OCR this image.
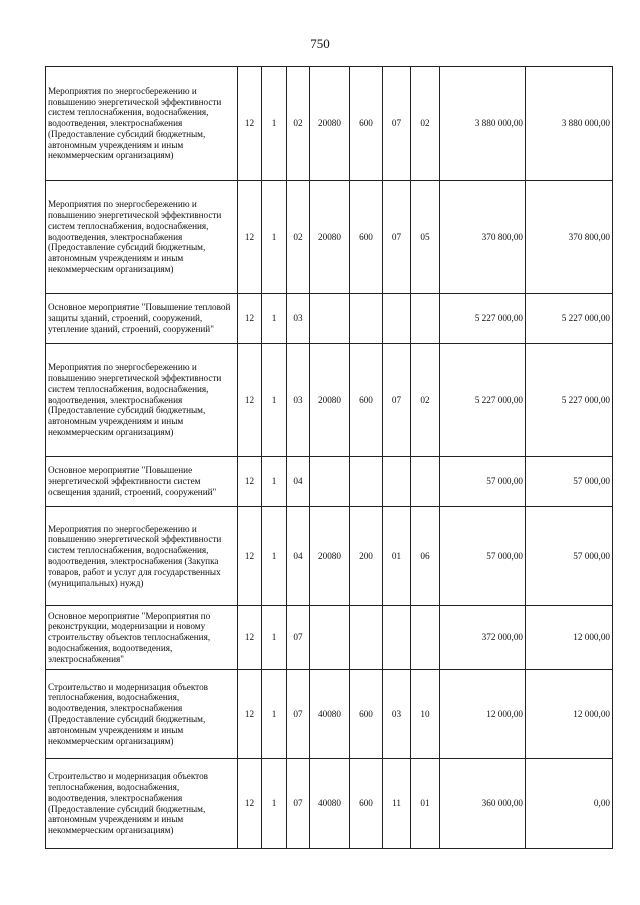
750
Мероприятия по энергосбережению и повышению энергетической эффективности систем теплоснабжения, водоснабжения, водоотведения, электроснабжения (Предоставление субсидий бюджетным, автономным учреждениям и иным некоммерческим организациям)	12	1	02	20080	600	07	02	3 880 000,00	3 880 000,00
Мероприятия по энергосбережению и повышению энергетической эффективности систем теплоснабжения, водоснабжения, водоотведения, электроснабжения (Предоставление субсидий бюджетным, автономным учреждениям и иным некоммерческим организациям)	12	1	02	20080	600	07	05	370 800,00	370 800,00
Основное мероприятие "Повышение тепловой защиты зданий, строений, сооружений, утепление зданий, строений, сооружений"	12	1	03					5 227 000,00	5 227 000,00
Мероприятия по энергосбережению и повышению энергетической эффективности систем теплоснабжения, водоснабжения, водоотведения, электроснабжения (Предоставление субсидий бюджетным, автономным учреждениям и иным некоммерческим организациям)	12	1	03	20080	600	07	02	5 227 000,00	5 227 000,00
Основное мероприятие "Повышение энергетической эффективности систем освещения зданий, строений, сооружений"	12	1	04					57 000,00	57 000,00
Мероприятия по энергосбережению и повышению энергетической эффективности систем теплоснабжения, водоснабжения, водоотведения, электроснабжения (Закупка товаров, работ и услуг для государственных (муниципальных) нужд)	12	1	04	20080	200	01	06	57 000,00	57 000,00
Основное мероприятие "Мероприятия по реконструкции, модернизации и новому строительству объектов теплоснабжения, водоснабжения, водоотведения, электроснабжения"	12	1	07					372 000,00	12 000,00
Строительство и модернизация объектов теплоснабжения, водоснабжения, водоотведения, электроснабжения (Предоставление субсидий бюджетным, автономным учреждениям и иным некоммерческим организациям)	12	1	07	40080	600	03	10	12 000,00	12 000,00
Строительство и модернизация объектов теплоснабжения, водоснабжения, водоотведения, электроснабжения (Предоставление субсидий бюджетным, автономным учреждениям и иным некоммерческим организациям)	12	1	07	40080	600	11	01	360 000,00	0,00
